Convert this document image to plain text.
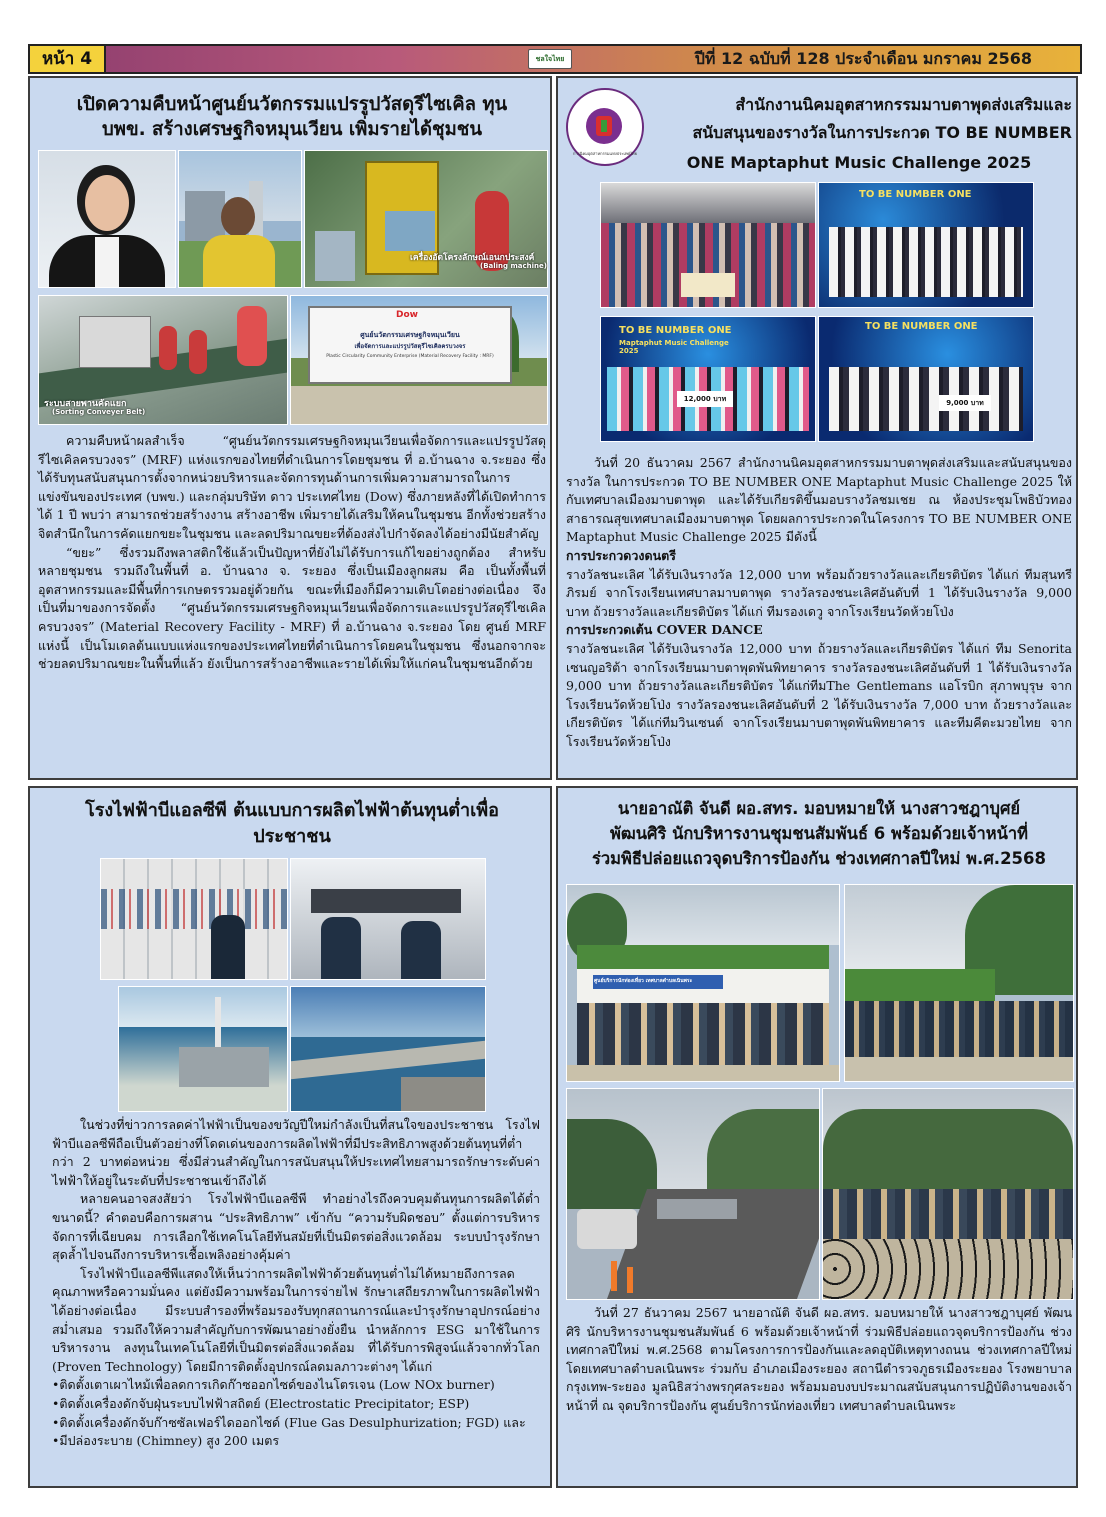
หน้า 4	ชลใจไทย	ปีที่ 12 ฉบับที่ 128 ประจำเดือน มกราคม 2568
เปิดความคืบหน้าศูนย์นวัตกรรมแปรรูปวัสดุรีไซเคิล ทุน บพข. สร้างเศรษฐกิจหมุนเวียน เพิ่มรายได้ชุมชน
เครื่องอัดโครงลักษณ์เอนกประสงค์
(Baling machine)
ระบบสายพานคัดแยก
(Sorting Conveyer Belt)
Dow
ศูนย์นวัตกรรมเศรษฐกิจหมุนเวียน
เพื่อจัดการและแปรรูปวัสดุรีไซเคิลครบวงจร
Plastic Circularity Community Enterprise (Material Recovery Facility : MRF)

ความคืบหน้าผลสำเร็จ “ศูนย์นวัตกรรมเศรษฐกิจหมุนเวียนเพื่อจัดการและแปรรูปวัสดุรีไซเคิลครบวงจร” (MRF) แห่งแรกของไทยที่ดำเนินการโดยชุมชน ที่ อ.บ้านฉาง จ.ระยอง ซึ่งได้รับทุนสนับสนุนการตั้งจากหน่วยบริหารและจัดการทุนด้านการเพิ่มความสามารถในการแข่งขันของประเทศ (บพข.) และกลุ่มบริษัท ดาว ประเทศไทย (Dow) ซึ่งภายหลังที่ได้เปิดทำการได้ 1 ปี พบว่า สามารถช่วยสร้างงาน สร้างอาชีพ เพิ่มรายได้เสริมให้คนในชุมชน อีกทั้งช่วยสร้างจิตสำนึกในการคัดแยกขยะในชุมชน และลดปริมาณขยะที่ต้องส่งไปกำจัดลงได้อย่างมีนัยสำคัญ

“ขยะ” ซึ่งรวมถึงพลาสติกใช้แล้วเป็นปัญหาที่ยังไม่ได้รับการแก้ไขอย่างถูกต้อง สำหรับหลายชุมชน รวมถึงในพื้นที่ อ. บ้านฉาง จ. ระยอง ซึ่งเป็นเมืองลูกผสม คือ เป็นทั้งพื้นที่อุตสาหกรรมและมีพื้นที่การเกษตรรวมอยู่ด้วยกัน ขณะที่เมืองก็มีความเติบโตอย่างต่อเนื่อง จึงเป็นที่มาของการจัดตั้ง “ศูนย์นวัตกรรมเศรษฐกิจหมุนเวียนเพื่อจัดการและแปรรูปวัสดุรีไซเคิลครบวงจร” (Material Recovery Facility - MRF) ที่ อ.บ้านฉาง จ.ระยอง โดย ศูนย์ MRF แห่งนี้ เป็นโมเดลต้นแบบแห่งแรกของประเทศไทยที่ดำเนินการโดยคนในชุมชน ซึ่งนอกจากจะช่วยลดปริมาณขยะในพื้นที่แล้ว ยังเป็นการสร้างอาชีพและรายได้เพิ่มให้แก่คนในชุมชนอีกด้วย

การนิคมอุตสาหกรรมแห่งประเทศไทย
สำนักงานนิคมอุตสาหกรรมมาบตาพุดส่งเสริมและ
สนับสนุนของรางวัลในการประกวด TO BE NUMBER
ONE Maptaphut Music Challenge 2025
TO BE NUMBER ONE
TO BE NUMBER ONE
Maptaphut Music Challenge 2025
12,000 บาท
TO BE NUMBER ONE
9,000 บาท

วันที่ 20 ธันวาคม 2567 สำนักงานนิคมอุตสาหกรรมมาบตาพุดส่งเสริมและสนับสนุนของรางวัล ในการประกวด TO BE NUMBER ONE Maptaphut Music Challenge 2025 ให้กับเทศบาลเมืองมาบตาพุด และได้รับเกียรติขึ้นมอบรางวัลชมเชย ณ ห้องประชุมโพธิบัวทอง สาธารณสุขเทศบาลเมืองมาบตาพุด โดยผลการประกวดในโครงการ TO BE NUMBER ONE Maptaphut Music Challenge 2025 มีดังนี้

การประกวดวงดนตรี

รางวัลชนะเลิศ ได้รับเงินรางวัล 12,000 บาท พร้อมถ้วยรางวัลและเกียรติบัตร ได้แก่ ทีมสุนทรีภิรมย์ จากโรงเรียนเทศบาลมาบตาพุด รางวัลรองชนะเลิศอันดับที่ 1 ได้รับเงินรางวัล 9,000 บาท ถ้วยรางวัลและเกียรติบัตร ได้แก่ ทีมรองเดวู จากโรงเรียนวัดห้วยโป่ง

การประกวดเต้น COVER DANCE

รางวัลชนะเลิศ ได้รับเงินรางวัล 12,000 บาท ถ้วยรางวัลและเกียรติบัตร ได้แก่ ทีม Senorita เซนญอริต้า จากโรงเรียนมาบตาพุดพันพิทยาคาร รางวัลรองชนะเลิศอันดับที่ 1 ได้รับเงินรางวัล 9,000 บาท ถ้วยรางวัลและเกียรติบัตร ได้แก่ทีมThe Gentlemans แอโรบิก สุภาพบุรุษ จากโรงเรียนวัดห้วยโป่ง รางวัลรองชนะเลิศอันดับที่ 2 ได้รับเงินรางวัล 7,000 บาท ถ้วยรางวัลและเกียรติบัตร ได้แก่ทีมวินเซนต์ จากโรงเรียนมาบตาพุดพันพิทยาคาร และทีมคีตะมวยไทย จากโรงเรียนวัดห้วยโป่ง

โรงไฟฟ้าบีแอลซีพี ต้นแบบการผลิตไฟฟ้าต้นทุนต่ำเพื่อประชาชน

ในช่วงที่ข่าวการลดค่าไฟฟ้าเป็นของขวัญปีใหม่กำลังเป็นที่สนใจของประชาชน โรงไฟฟ้าบีแอลซีพีถือเป็นตัวอย่างที่โดดเด่นของการผลิตไฟฟ้าที่มีประสิทธิภาพสูงด้วยต้นทุนที่ต่ำกว่า 2 บาทต่อหน่วย ซึ่งมีส่วนสำคัญในการสนับสนุนให้ประเทศไทยสามารถรักษาระดับค่าไฟฟ้าให้อยู่ในระดับที่ประชาชนเข้าถึงได้

หลายคนอาจสงสัยว่า โรงไฟฟ้าบีแอลซีพี ทำอย่างไรถึงควบคุมต้นทุนการผลิตได้ต่ำขนาดนี้? คำตอบคือการผสาน “ประสิทธิภาพ” เข้ากับ “ความรับผิดชอบ” ตั้งแต่การบริหารจัดการที่เฉียบคม การเลือกใช้เทคโนโลยีทันสมัยที่เป็นมิตรต่อสิ่งแวดล้อม ระบบบำรุงรักษาสุดล้ำไปจนถึงการบริหารเชื้อเพลิงอย่างคุ้มค่า

โรงไฟฟ้าบีแอลซีพีแสดงให้เห็นว่าการผลิตไฟฟ้าด้วยต้นทุนต่ำไม่ได้หมายถึงการลดคุณภาพหรือความมั่นคง แต่ยังมีความพร้อมในการจ่ายไฟ รักษาเสถียรภาพในการผลิตไฟฟ้าได้อย่างต่อเนื่อง มีระบบสำรองที่พร้อมรองรับทุกสถานการณ์และบำรุงรักษาอุปกรณ์อย่างสม่ำเสมอ รวมถึงให้ความสำคัญกับการพัฒนาอย่างยั่งยืน นำหลักการ ESG มาใช้ในการบริหารงาน ลงทุนในเทคโนโลยีที่เป็นมิตรต่อสิ่งแวดล้อม ที่ได้รับการพิสูจน์แล้วจากทั่วโลก (Proven Technology) โดยมีการติดตั้งอุปกรณ์ลดมลภาวะต่างๆ ได้แก่

•ติดตั้งเตาเผาไหม้เพื่อลดการเกิดก๊าซออกไซด์ของไนโตรเจน (Low NOx burner)

•ติดตั้งเครื่องดักจับฝุ่นระบบไฟฟ้าสถิตย์ (Electrostatic Precipitator; ESP)

•ติดตั้งเครื่องดักจับก๊าซซัลเฟอร์ไดออกไซด์ (Flue Gas Desulphurization; FGD) และ

•มีปล่องระบาย (Chimney) สูง 200 เมตร

นายอาณัติ จันดี ผอ.สทร. มอบหมายให้ นางสาวชฎาบุศย์
พัฒนศิริ นักบริหารงานชุมชนสัมพันธ์ 6 พร้อมด้วยเจ้าหน้าที่
ร่วมพิธีปล่อยแถวจุดบริการป้องกัน ช่วงเทศกาลปีใหม่ พ.ศ.2568
ศูนย์บริการนักท่องเที่ยว เทศบาลตำบลเนินพระ

วันที่ 27 ธันวาคม 2567 นายอาณัติ จันดี ผอ.สทร. มอบหมายให้ นางสาวชฎาบุศย์ พัฒนศิริ นักบริหารงานชุมชนสัมพันธ์ 6 พร้อมด้วยเจ้าหน้าที่ ร่วมพิธีปล่อยแถวจุดบริการป้องกัน ช่วงเทศกาลปีใหม่ พ.ศ.2568 ตามโครงการการป้องกันและลดอุบัติเหตุทางถนน ช่วงเทศกาลปีใหม่ โดยเทศบาลตำบลเนินพระ ร่วมกับ อำเภอเมืองระยอง สถานีตำรวจภูธรเมืองระยอง โรงพยาบาลกรุงเทพ-ระยอง มูลนิธิสว่างพรกุศลระยอง พร้อมมอบงบประมาณสนับสนุนการปฏิบัติงานของเจ้าหน้าที่ ณ จุดบริการป้องกัน ศูนย์บริการนักท่องเที่ยว เทศบาลตำบลเนินพระ
